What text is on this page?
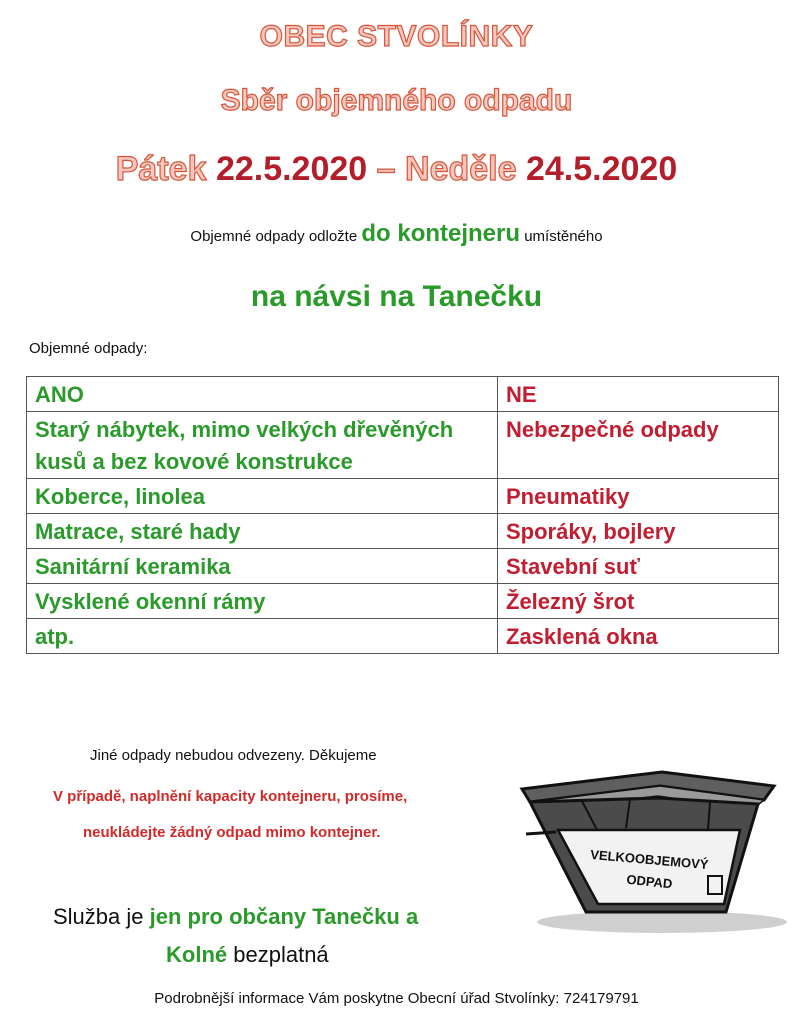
OBEC STVOLÍNKY
Sběr objemného odpadu
Pátek 22.5.2020 – Neděle 24.5.2020
Objemné odpady odložte do kontejneru umístěného
na návsi na Tanečku
Objemné odpady:
ANO	NE
Starý nábytek, mimo velkých dřevěných kusů a bez kovové konstrukce	Nebezpečné odpady
Koberce, linolea	Pneumatiky
Matrace, staré hady	Sporáky, bojlery
Sanitární keramika	Stavební suť
Vysklené okenní rámy	Železný šrot
atp.	Zasklená okna
Jiné odpady nebudou odvezeny. Děkujeme
V případě, naplnění kapacity kontejneru, prosíme,
neukládejte žádný odpad mimo kontejner.
Služba je jen pro občany Tanečku a
Kolné bezplatná
VELKOOBJEMOVÝ
ODPAD
Podrobnější informace Vám poskytne Obecní úřad Stvolínky: 724179791
